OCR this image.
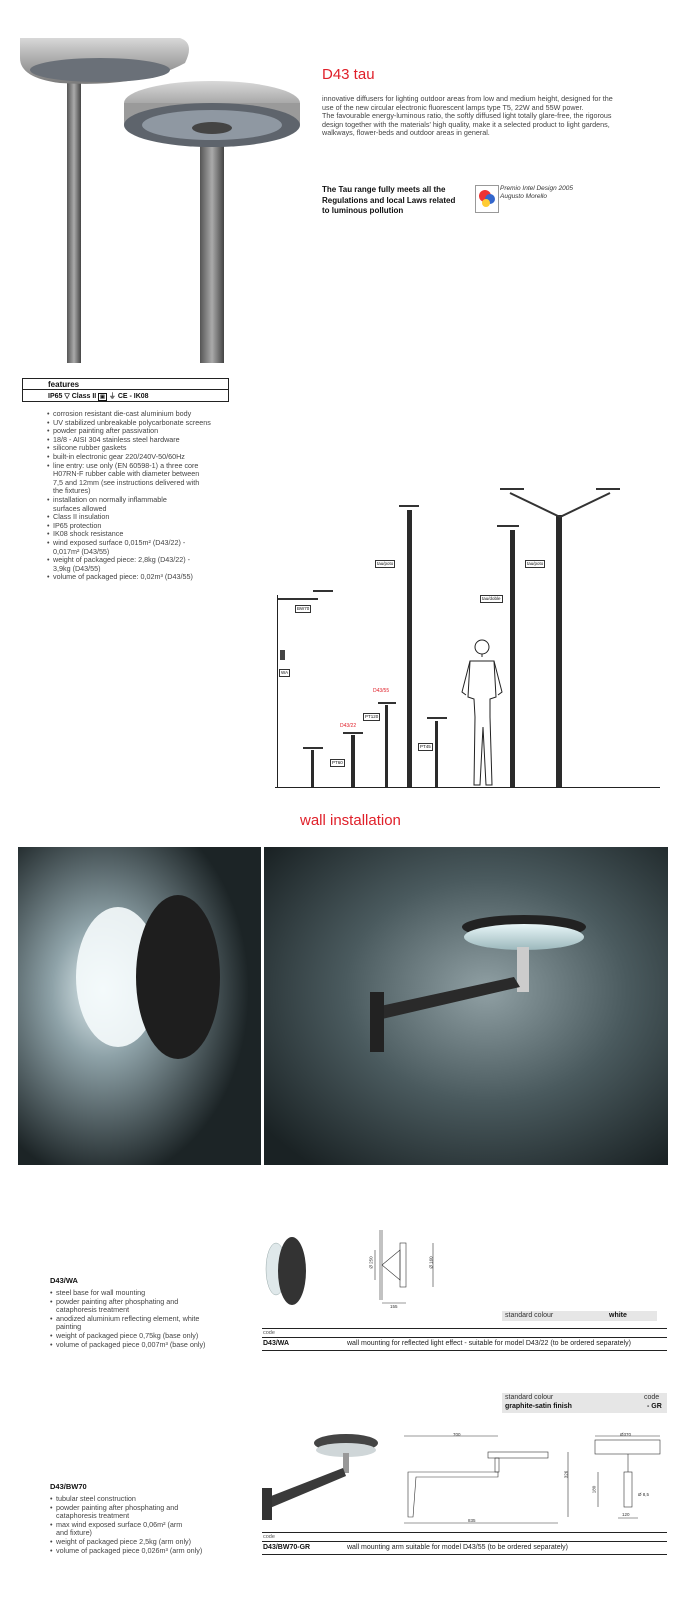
D43 tau
innovative diffusers for lighting outdoor areas from low and medium height, designed for the use of the new circular electronic fluorescent lamps type T5, 22W and 55W power.
The favourable energy-luminous ratio, the softly diffused light totally glare-free, the rigorous design together with the materials' high quality, make it a selected product to light gardens, walkways, flower-beds and outdoor areas in general.
The Tau range fully meets all the Regulations and local Laws related to luminous pollution
Premio Intel Design 2005 Augusto Morello
features
IP65 ▽ Class II ▣ ⏚ CE - IK08
• corrosion resistant die-cast aluminium body
• UV stabilized unbreakable polycarbonate screens
• powder painting after passivation
• 18/8 - AISI 304 stainless steel hardware
• silicone rubber gaskets
• built-in electronic gear 220/240V-50/60Hz
• line entry: use only (EN 60598-1) a three core H07RN-F rubber cable with diameter between 7,5 and 12mm (see instructions delivered with the fixtures)
• installation on normally inflammable surfaces allowed
• Class II insulation
• IP65 protection
• IK08 shock resistance
• wind exposed surface 0,015m² (D43/22) - 0,017m² (D43/55)
• weight of packaged piece: 2,8kg (D43/22) - 3,9kg (D43/55)
• volume of packaged piece: 0,02m³ (D43/55)
BW70
WA
PT60
D43/22
D43/55
PT120
tau/poto
PT45
tau/doble
tau/poto
wall installation
D43/WA
• steel base for wall mounting
• powder painting after phosphating and cataphoresis treatment
• anodized aluminium reflecting element, white painting
• weight of packaged piece 0,75kg (base only)
• volume of packaged piece 0,007m³ (base only)
Ø 250	Ø 160
155
standard colour	white
code
D43/WA	wall mounting for reflected light effect - suitable for model D43/22 (to be ordered separately)
standard colour	code
graphite-satin finish	- GR
D43/BW70
• tubular steel construction
• powder painting after phosphating and cataphoresis treatment
• max wind exposed surface 0,06m² (arm and fixture)
• weight of packaged piece 2,5kg (arm only)
• volume of packaged piece 0,026m³ (arm only)
700
326
835
Ø370
180
Ø 8,5
120
code
D43/BW70-GR	wall mounting arm suitable for model D43/55 (to be ordered separately)
